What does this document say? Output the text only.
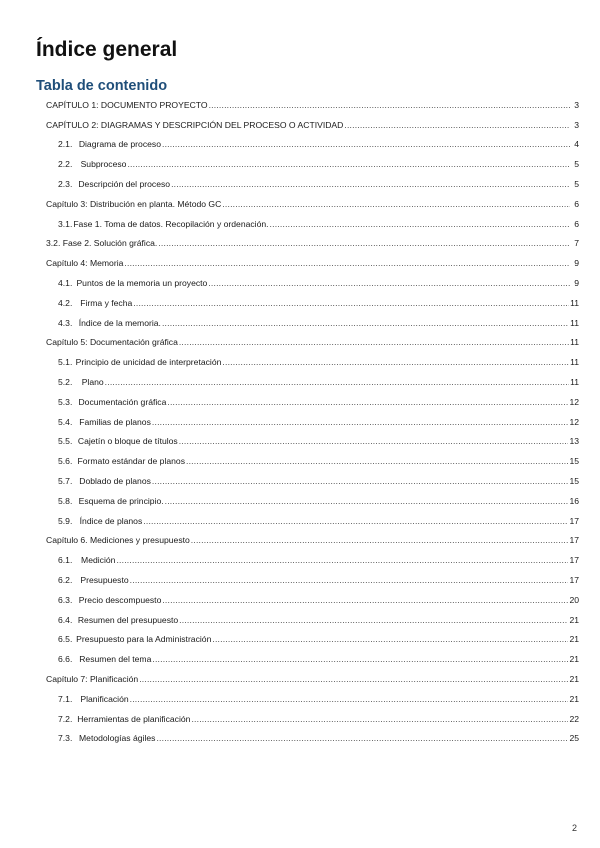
Índice general
Tabla de contenido
CAPÍTULO 1: DOCUMENTO PROYECTO .....	3
CAPÍTULO 2: DIAGRAMAS Y DESCRIPCIÓN DEL PROCESO O ACTIVIDAD .....	3
2.1. Diagrama de proceso .....	4
2.2. Subproceso .....	5
2.3. Descripción del proceso .....	5
Capítulo 3: Distribución en planta. Método GC .....	6
3.1. Fase 1. Toma de datos. Recopilación y ordenación. .....	6
3.2. Fase 2. Solución gráfica. .....	7
Capítulo 4: Memoria .....	9
4.1. Puntos de la memoria un proyecto .....	9
4.2. Firma y fecha .....	11
4.3. Índice de la memoria. .....	11
Capítulo 5: Documentación gráfica .....	11
5.1. Principio de unicidad de interpretación .....	11
5.2.	Plano .....	11
5.3. Documentación gráfica .....	12
5.4. Familias de planos .....	12
5.5. Cajetín o bloque de títulos .....	13
5.6. Formato estándar de planos .....	15
5.7. Doblado de planos .....	15
5.8. Esquema de principio. .....	16
5.9. Índice de planos .....	17
Capítulo 6. Mediciones y presupuesto .....	17
6.1.	Medición .....	17
6.2. Presupuesto .....	17
6.3. Precio descompuesto .....	20
6.4. Resumen del presupuesto .....	21
6.5. Presupuesto para la Administración .....	21
6.6. Resumen del tema .....	21
Capítulo 7: Planificación .....	21
7.1. Planificación .....	21
7.2. Herramientas de planificación .....	22
7.3. Metodologías ágiles .....	25
2
